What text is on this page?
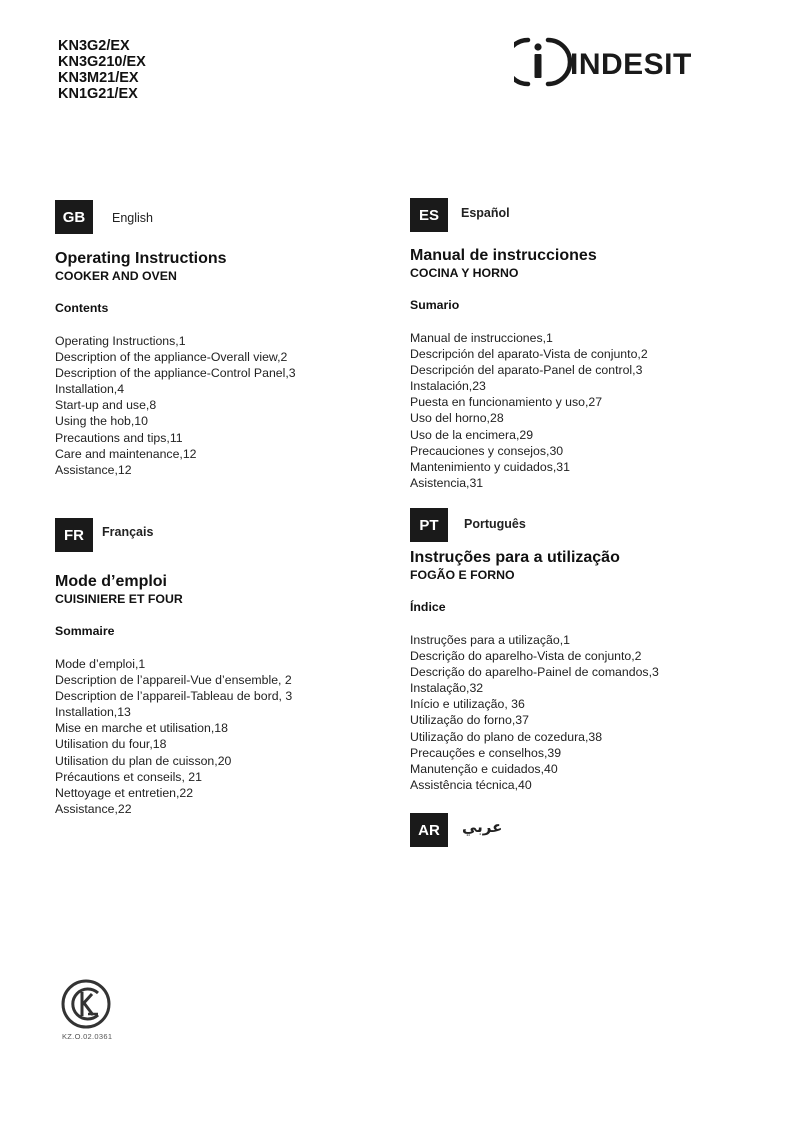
KN3G2/EX
KN3G210/EX
KN3M21/EX
KN1G21/EX
INDESIT
GB	English
Operating Instructions
COOKER AND OVEN
Contents
Operating Instructions,1
Description of the appliance-Overall view,2
Description of the appliance-Control Panel,3
Installation,4
Start-up and use,8
Using the hob,10
Precautions and tips,11
Care and maintenance,12
Assistance,12
FR	Français
Mode d’emploi
CUISINIERE ET FOUR
Sommaire
Mode d’emploi,1
Description de l’appareil-Vue d’ensemble, 2
Description de l’appareil-Tableau de bord, 3
Installation,13
Mise en marche et utilisation,18
Utilisation du four,18
Utilisation du plan de cuisson,20
Précautions et conseils, 21
Nettoyage et entretien,22
Assistance,22
ES	Español
Manual de instrucciones
COCINA Y HORNO
Sumario
Manual de instrucciones,1
Descripción del aparato-Vista de conjunto,2
Descripción del aparato-Panel de control,3
Instalación,23
Puesta en funcionamiento y uso,27
Uso del horno,28
Uso de la encimera,29
Precauciones y consejos,30
Mantenimiento y cuidados,31
Asistencia,31
PT	Português
Instruções para a utilização
FOGÃO E FORNO
Índice
Instruções para a utilização,1
Descrição do aparelho-Vista de conjunto,2
Descrição do aparelho-Painel de comandos,3
Instalação,32
Início e utilização, 36
Utilização do forno,37
Utilização do plano de cozedura,38
Precauções e conselhos,39
Manutenção e cuidados,40
Assistência técnica,40
AR	عربي
KZ.O.02.0361
